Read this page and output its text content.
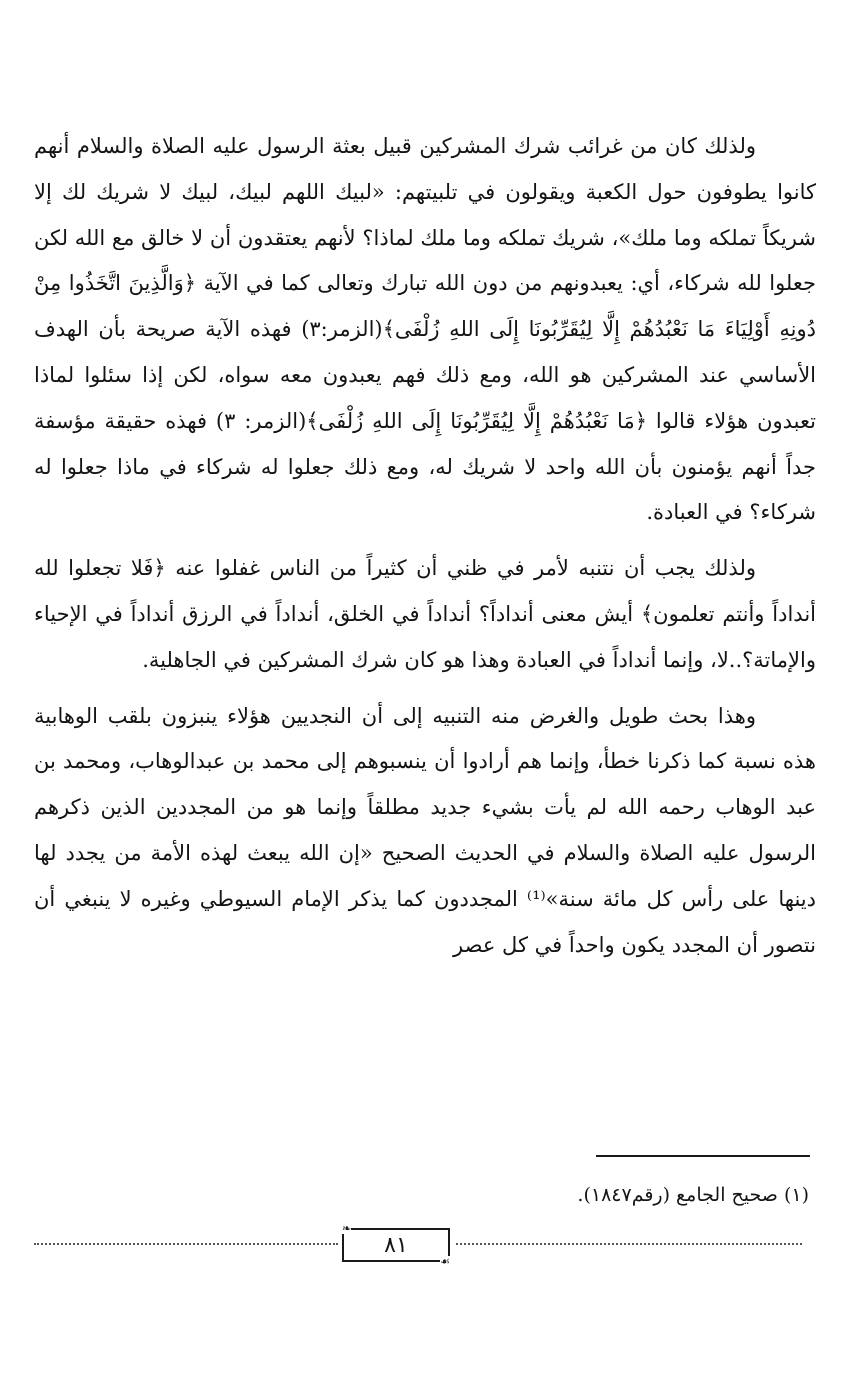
ولذلك كان من غرائب شرك المشركين قبيل بعثة الرسول عليه الصلاة والسلام أنهم كانوا يطوفون حول الكعبة ويقولون في تلبيتهم: «لبيك اللهم لبيك، لبيك لا شريك لك إلا شريكاً تملكه وما ملك»، شريك تملكه وما ملك لماذا؟ لأنهم يعتقدون أن لا خالق مع الله لكن جعلوا لله شركاء، أي: يعبدونهم من دون الله تبارك وتعالى كما في الآية ﴿وَالَّذِينَ اتَّخَذُوا مِنْ دُونِهِ أَوْلِيَاءَ مَا نَعْبُدُهُمْ إِلَّا لِيُقَرِّبُونَا إِلَى اللهِ زُلْفَى﴾(الزمر:٣) فهذه الآية صريحة بأن الهدف الأساسي عند المشركين هو الله، ومع ذلك فهم يعبدون معه سواه، لكن إذا سئلوا لماذا تعبدون هؤلاء قالوا ﴿مَا نَعْبُدُهُمْ إِلَّا لِيُقَرِّبُونَا إِلَى اللهِ زُلْفَى﴾(الزمر: ٣) فهذه حقيقة مؤسفة جداً أنهم يؤمنون بأن الله واحد لا شريك له، ومع ذلك جعلوا له شركاء في ماذا جعلوا له شركاء؟ في العبادة.

ولذلك يجب أن نتنبه لأمر في ظني أن كثيراً من الناس غفلوا عنه ﴿فَلا تجعلوا لله أنداداً وأنتم تعلمون﴾ أيش معنى أنداداً؟ أنداداً في الخلق، أنداداً في الرزق أنداداً في الإحياء والإماتة؟..لا، وإنما أنداداً في العبادة وهذا هو كان شرك المشركين في الجاهلية.

وهذا بحث طويل والغرض منه التنبيه إلى أن النجديين هؤلاء ينبزون بلقب الوهابية هذه نسبة كما ذكرنا خطأ، وإنما هم أرادوا أن ينسبوهم إلى محمد بن عبدالوهاب، ومحمد بن عبد الوهاب رحمه الله لم يأت بشيء جديد مطلقاً وإنما هو من المجددين الذين ذكرهم الرسول عليه الصلاة والسلام في الحديث الصحيح «إن الله يبعث لهذه الأمة من يجدد لها دينها على رأس كل مائة سنة»⁽¹⁾ المجددون كما يذكر الإمام السيوطي وغيره لا ينبغي أن نتصور أن المجدد يكون واحداً في كل عصر

(١) صحيح الجامع (رقم١٨٤٧).
❧
☙
٨١
